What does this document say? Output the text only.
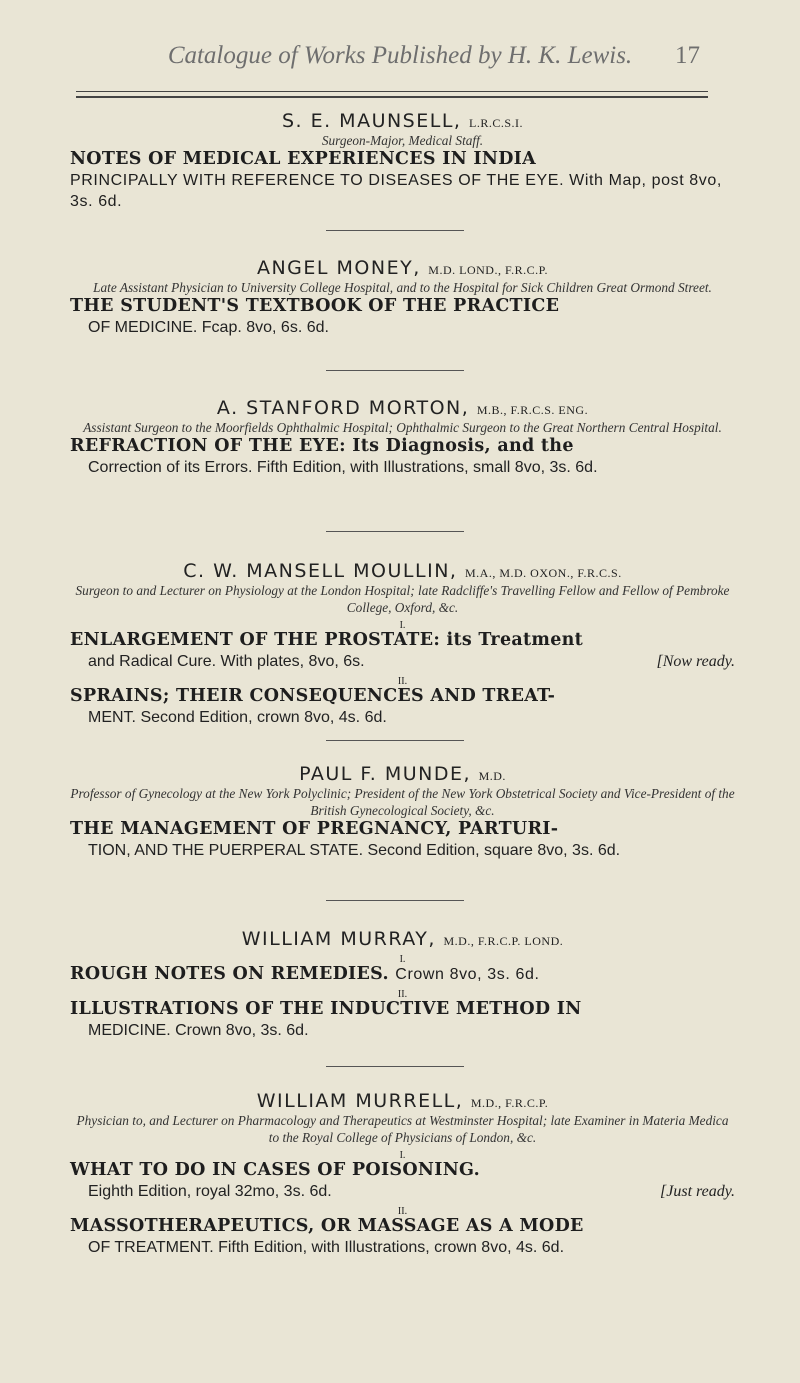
Catalogue of Works Published by H. K. Lewis. 17
S. E. MAUNSELL, L.R.C.S.I.
Surgeon-Major, Medical Staff.
NOTES OF MEDICAL EXPERIENCES IN INDIA
PRINCIPALLY WITH REFERENCE TO DISEASES OF THE EYE. With Map, post 8vo, 3s. 6d.
ANGEL MONEY, M.D. LOND., F.R.C.P.
Late Assistant Physician to University College Hospital, and to the Hospital for Sick Children Great Ormond Street.
THE STUDENT'S TEXTBOOK OF THE PRACTICE
OF MEDICINE. Fcap. 8vo, 6s. 6d.
A. STANFORD MORTON, M.B., F.R.C.S. ENG.
Assistant Surgeon to the Moorfields Ophthalmic Hospital; Ophthalmic Surgeon to the Great Northern Central Hospital.
REFRACTION OF THE EYE: Its Diagnosis, and the
Correction of its Errors. Fifth Edition, with Illustrations, small 8vo, 3s. 6d.
C. W. MANSELL MOULLIN, M.A., M.D. OXON., F.R.C.S.
Surgeon to and Lecturer on Physiology at the London Hospital; late Radcliffe's Travelling Fellow and Fellow of Pembroke College, Oxford, &c.
I.
ENLARGEMENT OF THE PROSTATE: its Treatment
and Radical Cure. With plates, 8vo, 6s.	[Now ready.
II.
SPRAINS; THEIR CONSEQUENCES AND TREAT-
MENT. Second Edition, crown 8vo, 4s. 6d.
PAUL F. MUNDE, M.D.
Professor of Gynecology at the New York Polyclinic; President of the New York Obstetrical Society and Vice-President of the British Gynecological Society, &c.
THE MANAGEMENT OF PREGNANCY, PARTURI-
TION, AND THE PUERPERAL STATE. Second Edition, square 8vo, 3s. 6d.
WILLIAM MURRAY, M.D., F.R.C.P. LOND.
I.
ROUGH NOTES ON REMEDIES. Crown 8vo, 3s. 6d.
II.
ILLUSTRATIONS OF THE INDUCTIVE METHOD IN
MEDICINE. Crown 8vo, 3s. 6d.
WILLIAM MURRELL, M.D., F.R.C.P.
Physician to, and Lecturer on Pharmacology and Therapeutics at Westminster Hospital; late Examiner in Materia Medica to the Royal College of Physicians of London, &c.
I.
WHAT TO DO IN CASES OF POISONING.
Eighth Edition, royal 32mo, 3s. 6d.	[Just ready.
II.
MASSOTHERAPEUTICS, OR MASSAGE AS A MODE
OF TREATMENT. Fifth Edition, with Illustrations, crown 8vo, 4s. 6d.
